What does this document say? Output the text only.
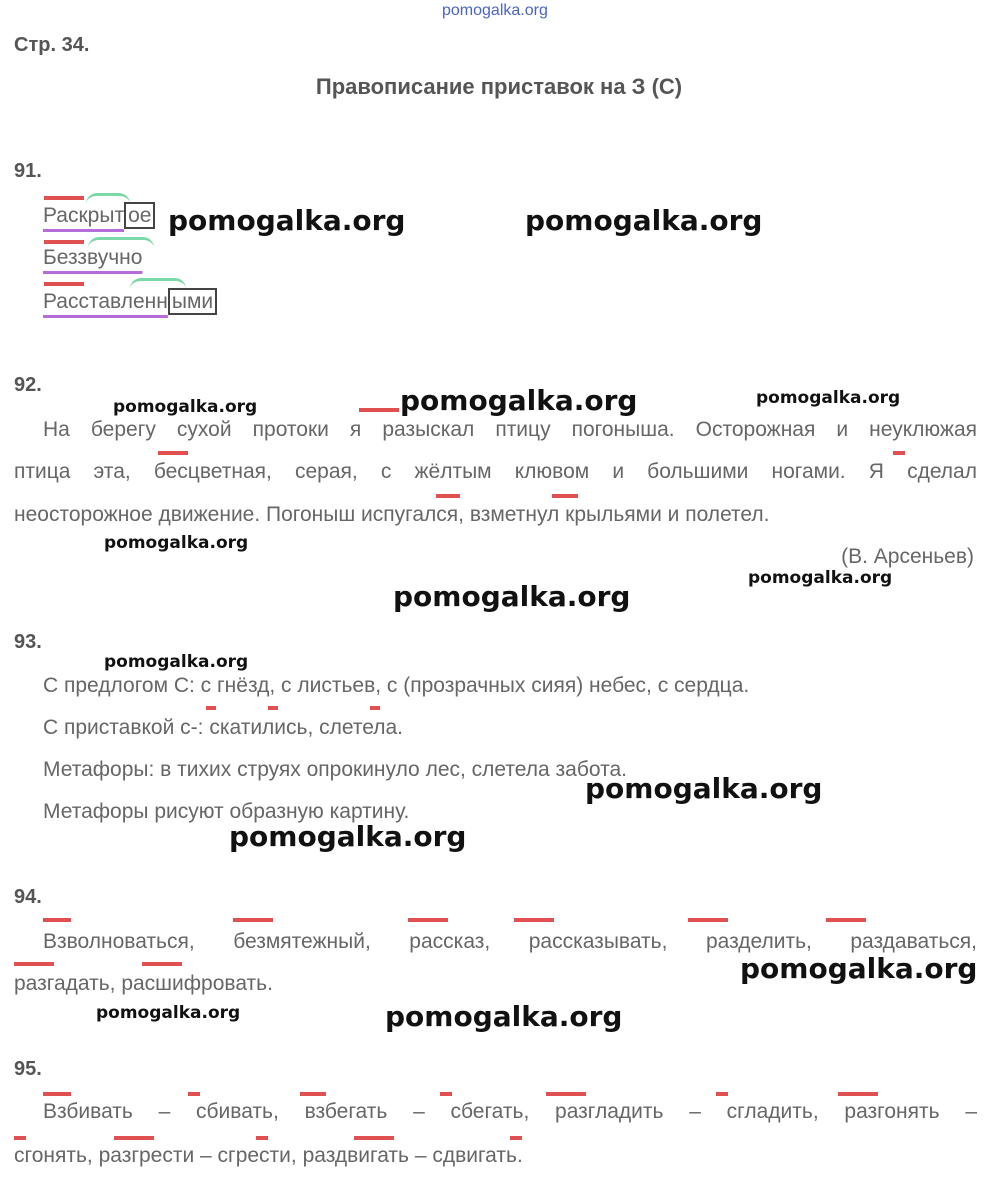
pomogalka.org
Стр. 34.
Правописание приставок на З (С)
91.
Раскрыт ое
Беззвучно
Расставленн ыми
pomogalka.org	pomogalka.org
92.
pomogalka.org	pomogalka.org	pomogalka.org
На берегу сухой протоки я разыскал птицу погоныша. Осторожная и неуклюжая
птица эта, бесцветная, серая, с жёлтым клювом и большими ногами. Я сделал
неосторожное движение. Погоныш испугался, взметнул крыльями и полетел.
pomogalka.org
(В. Арсеньев)
pomogalka.org
pomogalka.org
93.
pomogalka.org
С предлогом С: с гнёзд, с листьев, с (прозрачных сияя) небес, с сердца.
С приставкой с-: скатились, слетела.
Метафоры: в тихих струях опрокинуло лес, слетела забота.
pomogalka.org
Метафоры рисуют образную картину.
pomogalka.org
94.
Взволноваться, безмятежный, рассказ, рассказывать, разделить, раздаваться,
разгадать, расшифровать.	pomogalka.org
pomogalka.org	pomogalka.org
95.
Взбивать – сбивать, взбегать – сбегать, разгладить – сгладить, разгонять –
сгонять, разгрести – сгрести, раздвигать – сдвигать.
